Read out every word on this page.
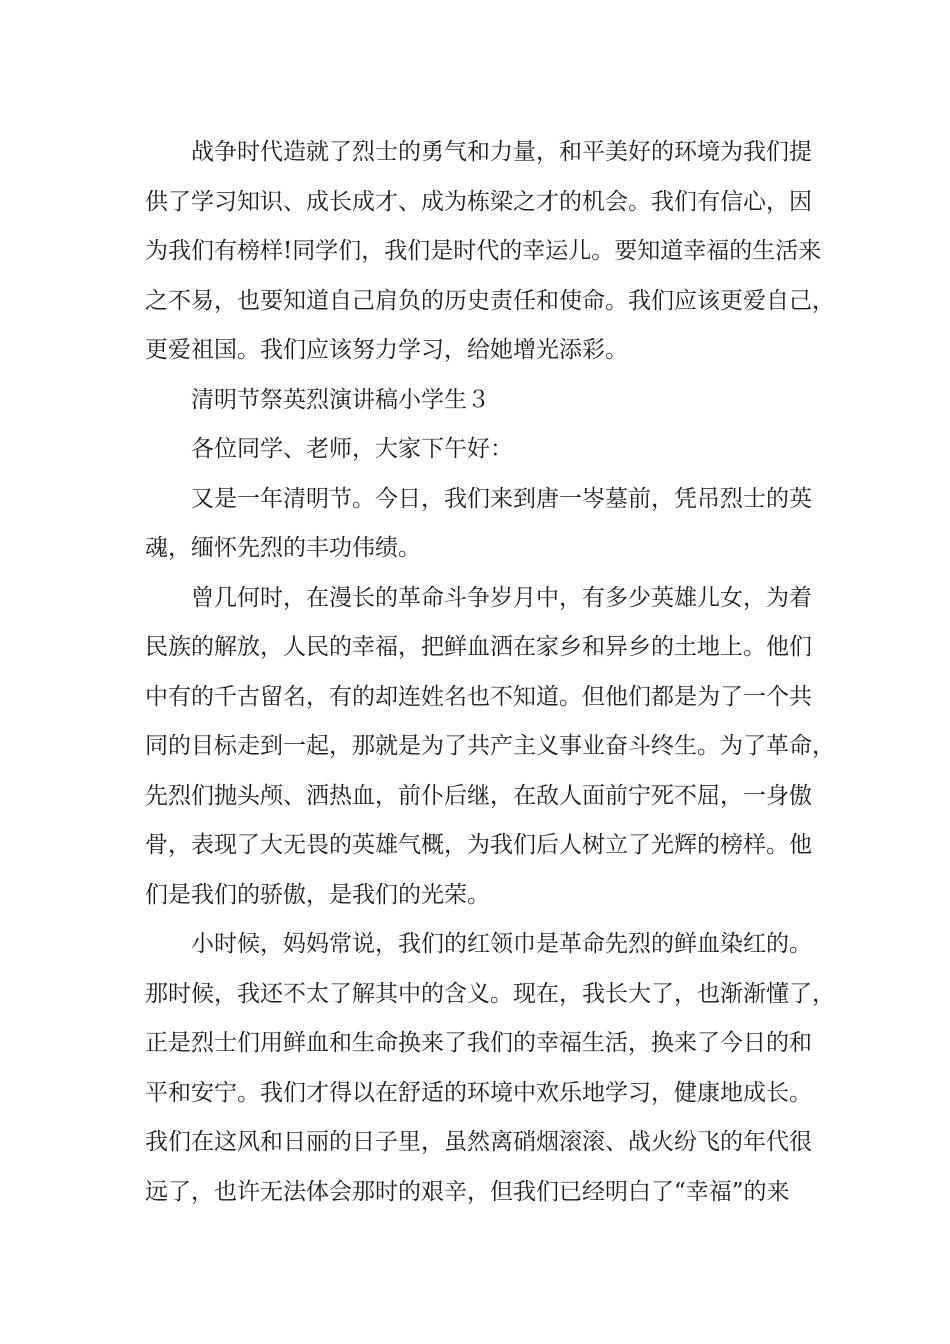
战争时代造就了烈士的勇气和力量，和平美好的环境为我们提
供了学习知识、成长成才、成为栋梁之才的机会。我们有信心，因
为我们有榜样!同学们，我们是时代的幸运儿。要知道幸福的生活来
之不易，也要知道自己肩负的历史责任和使命。我们应该更爱自己，
更爱祖国。我们应该努力学习，给她增光添彩。

清明节祭英烈演讲稿小学生３

各位同学、老师，大家下午好：

又是一年清明节。今日，我们来到唐一岑墓前，凭吊烈士的英
魂，缅怀先烈的丰功伟绩。

曾几何时，在漫长的革命斗争岁月中，有多少英雄儿女，为着
民族的解放，人民的幸福，把鲜血洒在家乡和异乡的土地上。他们
中有的千古留名，有的却连姓名也不知道。但他们都是为了一个共
同的目标走到一起，那就是为了共产主义事业奋斗终生。为了革命，
先烈们抛头颅、洒热血，前仆后继，在敌人面前宁死不屈，一身傲
骨，表现了大无畏的英雄气概，为我们后人树立了光辉的榜样。他
们是我们的骄傲，是我们的光荣。

小时候，妈妈常说，我们的红领巾是革命先烈的鲜血染红的。
那时候，我还不太了解其中的含义。现在，我长大了，也渐渐懂了，
正是烈士们用鲜血和生命换来了我们的幸福生活，换来了今日的和
平和安宁。我们才得以在舒适的环境中欢乐地学习，健康地成长。
我们在这风和日丽的日子里，虽然离硝烟滚滚、战火纷飞的年代很
远了，也许无法体会那时的艰辛，但我们已经明白了“幸福”的来
